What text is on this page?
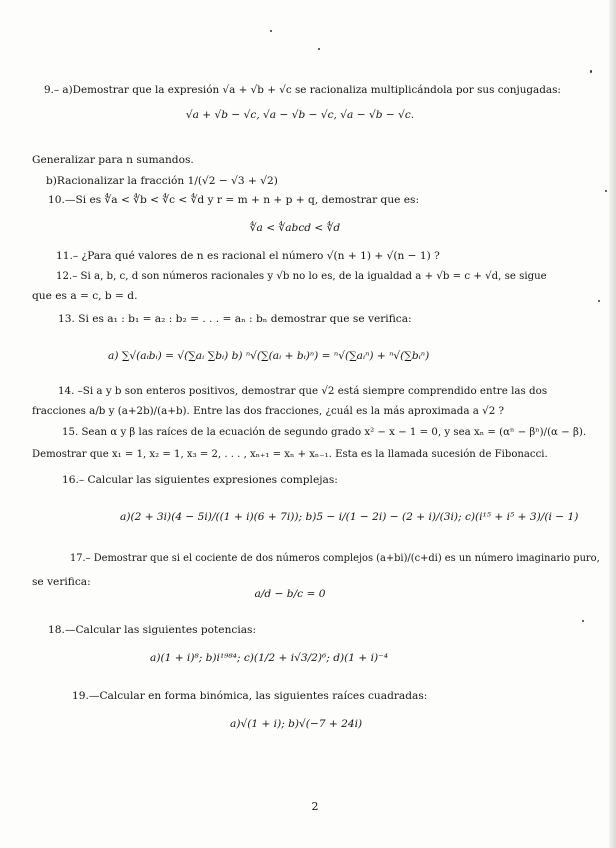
9.– a)Demostrar que la expresión √a + √b + √c se racionaliza multiplicándola por sus conjugadas:
√a + √b − √c, √a − √b − √c, √a − √b − √c.
Generalizar para n sumandos.
b)Racionalizar la fracción 1/(√2 − √3 + √2)
10.—Si es ∜a < ∜b < ∜c < ∜d y r = m + n + p + q, demostrar que es:
∜a < ∜abcd < ∜d
11.– ¿Para qué valores de n es racional el número √(n + 1) + √(n − 1) ?
12.– Si a, b, c, d son números racionales y √b no lo es, de la igualdad a + √b = c + √d, se sigue
que es a = c, b = d.
13. Si es a₁ : b₁ = a₂ : b₂ = . . . = aₙ : bₙ demostrar que se verifica:
a) ∑√(aᵢbᵢ) = √(∑aᵢ ∑bᵢ) b) ⁿ√(∑(aᵢ + bᵢ)ⁿ) = ⁿ√(∑aᵢⁿ) + ⁿ√(∑bᵢⁿ)
14. –Si a y b son enteros positivos, demostrar que √2 está siempre comprendido entre las dos
fracciones a/b y (a+2b)/(a+b). Entre las dos fracciones, ¿cuál es la más aproximada a √2 ?
15. Sean α y β las raíces de la ecuación de segundo grado x² − x − 1 = 0, y sea xₙ = (αⁿ − βⁿ)/(α − β).
Demostrar que x₁ = 1, x₂ = 1, x₃ = 2, . . . , xₙ₊₁ = xₙ + xₙ₋₁. Esta es la llamada sucesión de Fibonacci.
16.– Calcular las siguientes expresiones complejas:
a)(2 + 3i)(4 − 5i)/((1 + i)(6 + 7i)); b)5 − i/(1 − 2i) − (2 + i)/(3i); c)(i¹⁵ + i⁵ + 3)/(i − 1)
17.– Demostrar que si el cociente de dos números complejos (a+bi)/(c+di) es un número imaginario puro,
se verifica:
a/d − b/c = 0
18.—Calcular las siguientes potencias:
a)(1 + i)⁸; b)i¹⁹⁸⁴; c)(1/2 + i√3/2)⁶; d)(1 + i)⁻⁴
19.—Calcular en forma binómica, las siguientes raíces cuadradas:
a)√(1 + i); b)√(−7 + 24i)
2
